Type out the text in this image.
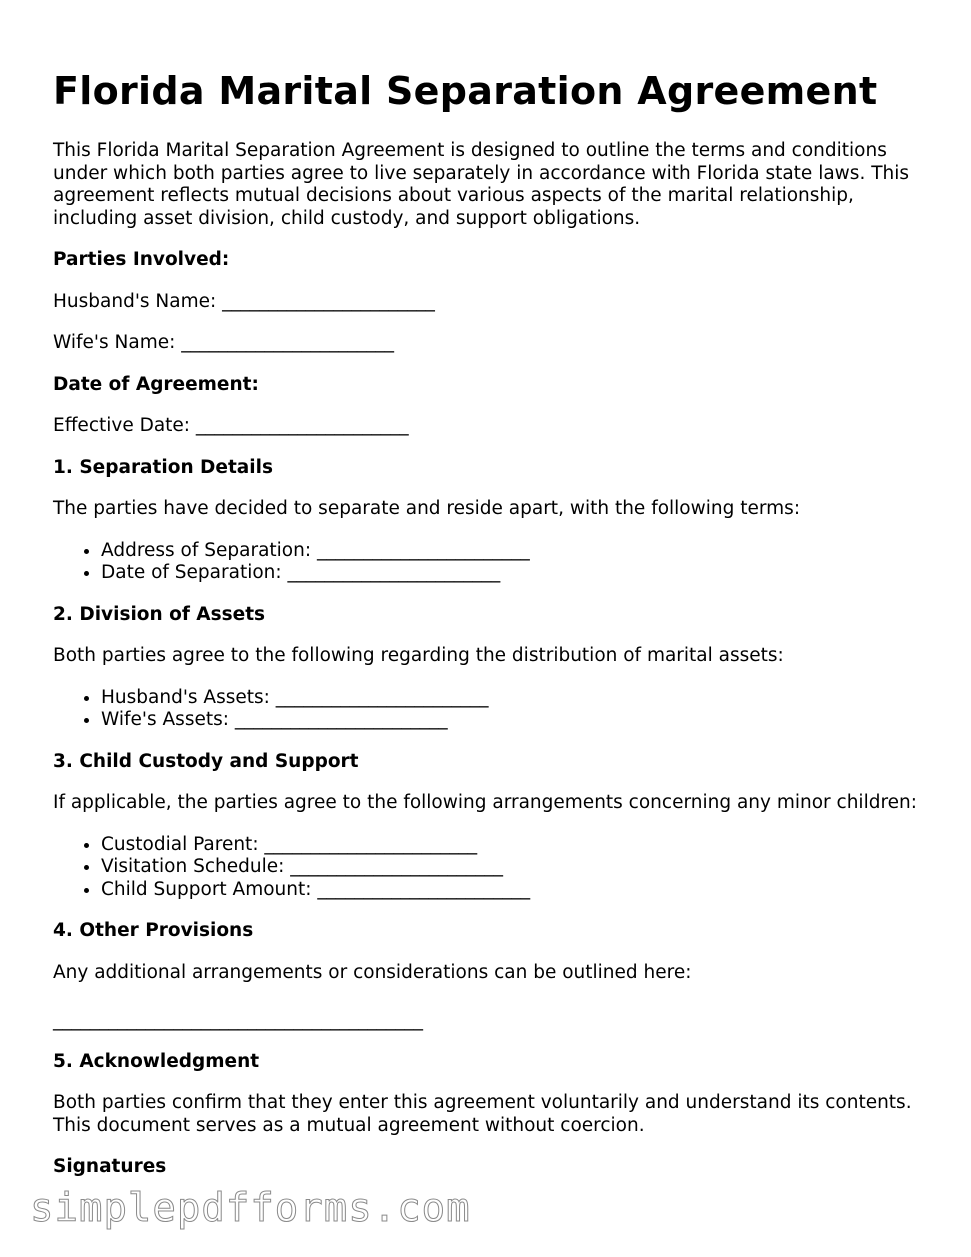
Florida Marital Separation Agreement

This Florida Marital Separation Agreement is designed to outline the terms and conditions under which both parties agree to live separately in accordance with Florida state laws. This agreement reflects mutual decisions about various aspects of the marital relationship, including asset division, child custody, and support obligations.

Parties Involved:

Husband's Name: _______________________

Wife's Name: _______________________

Date of Agreement:

Effective Date: _______________________

1. Separation Details

The parties have decided to separate and reside apart, with the following terms:

• Address of Separation: _______________________
• Date of Separation: _______________________

2. Division of Assets

Both parties agree to the following regarding the distribution of marital assets:

• Husband's Assets: _______________________
• Wife's Assets: _______________________

3. Child Custody and Support

If applicable, the parties agree to the following arrangements concerning any minor children:

• Custodial Parent: _______________________
• Visitation Schedule: _______________________
• Child Support Amount: _______________________

4. Other Provisions

Any additional arrangements or considerations can be outlined here:

________________________________________

5. Acknowledgment

Both parties confirm that they enter this agreement voluntarily and understand its contents. This document serves as a mutual agreement without coercion.

Signatures

simplepdfforms.com
